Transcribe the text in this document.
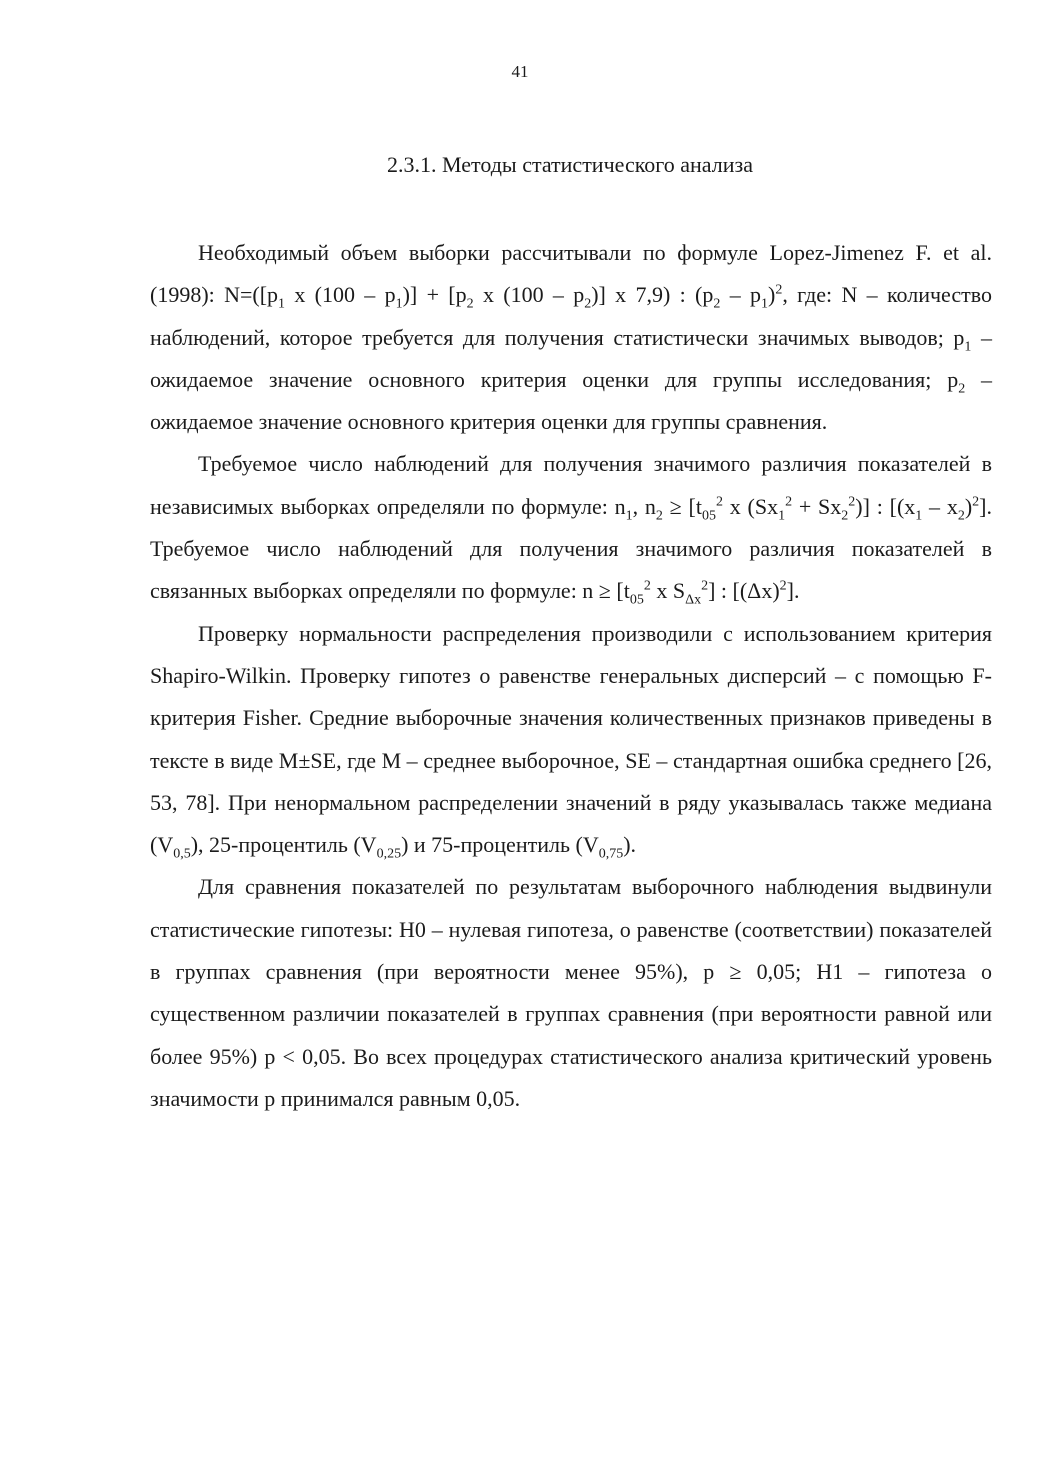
41
2.3.1. Методы статистического анализа

Необходимый объем выборки рассчитывали по формуле Lopez-Jimenez F. et al. (1998): $N=([p_1$ x $(100 - p_1)] + [p_2$ x $(100 - p_2)$] x 7,9) : $(p_2 - p_1)^2$, где: N – количество наблюдений, которое требуется для получения статистически значимых выводов; $p_1$ – ожидаемое значение основного критерия оценки для группы исследования; $p_2$ – ожидаемое значение основного критерия оценки для группы сравнения.

Требуемое число наблюдений для получения значимого различия показателей в независимых выборках определяли по формуле: $n_1$, $n_2 \ge [t_{05}^2$ x $(Sx_1^2 + Sx_2^2)$] : $[(x_1 - x_2)^2]$. Требуемое число наблюдений для получения значимого различия показателей в связанных выборках определяли по формуле: $n \ge [t_{05}^2$ x $S_{\Delta x}^2$] : $[(\Delta x)^2]$.

Проверку нормальности распределения производили с использованием критерия Shapiro-Wilkin. Проверку гипотез о равенстве генеральных дисперсий – с помощью F-критерия Fisher. Средние выборочные значения количественных признаков приведены в тексте в виде M±SE, где M – среднее выборочное, SE – стандартная ошибка среднего [26, 53, 78]. При ненормальном распределении значений в ряду указывалась также медиана $(V_{0,5})$, 25-процентиль $(V_{0,25})$ и 75-процентиль $(V_{0,75})$.

Для сравнения показателей по результатам выборочного наблюдения выдвинули статистические гипотезы: H0 – нулевая гипотеза, о равенстве (соответствии) показателей в группах сравнения (при вероятности менее 95%), p ≥ 0,05; H1 – гипотеза о существенном различии показателей в группах сравнения (при вероятности равной или более 95%) p < 0,05. Во всех процедурах статистического анализа критический уровень значимости p принимался равным 0,05.
